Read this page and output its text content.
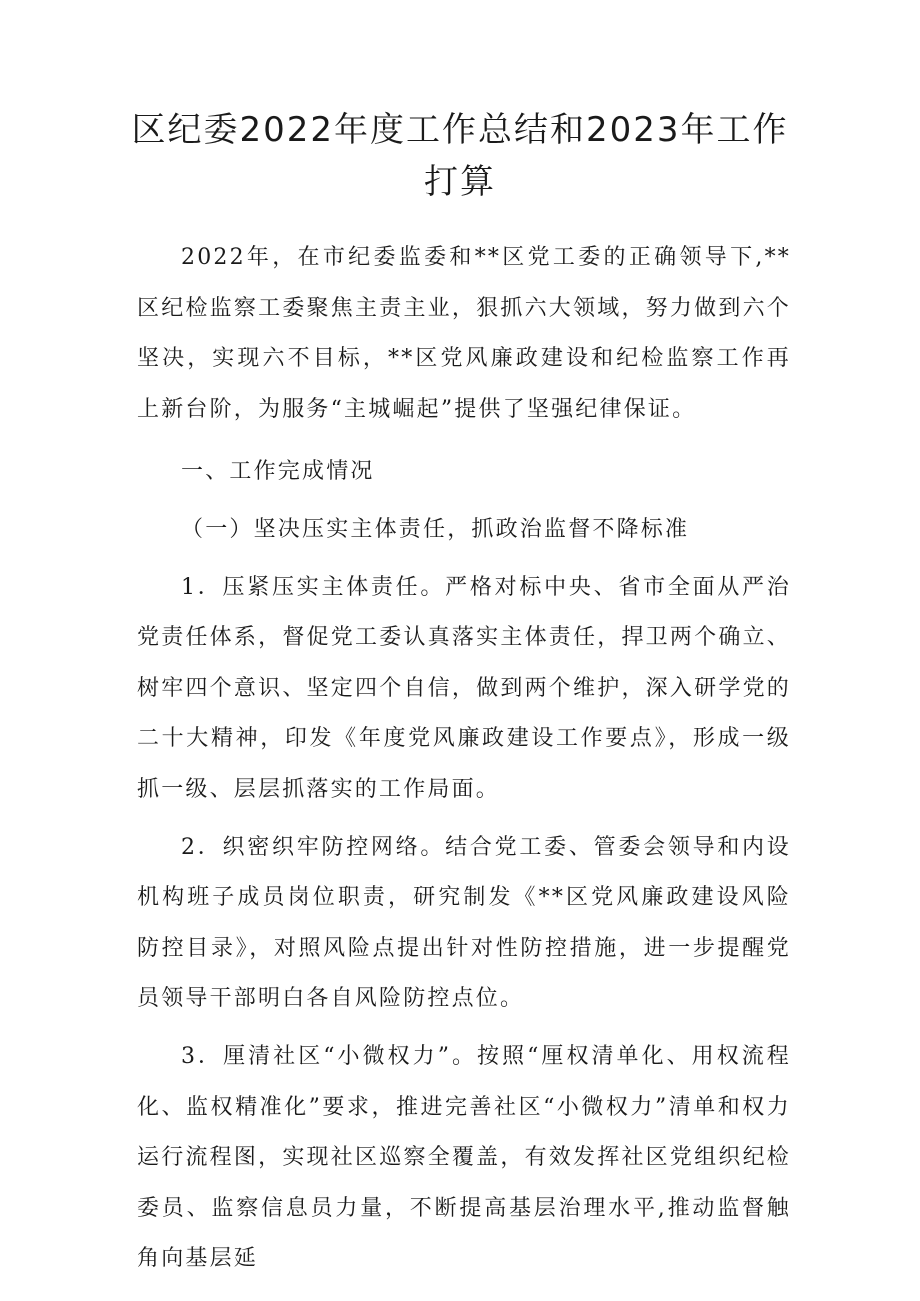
区纪委2022年度工作总结和2023年工作打算

2022年，在市纪委监委和**区党工委的正确领导下,**区纪检监察工委聚焦主责主业，狠抓六大领域，努力做到六个坚决，实现六不目标，**区党风廉政建设和纪检监察工作再上新台阶，为服务“主城崛起”提供了坚强纪律保证。

一、工作完成情况

（一）坚决压实主体责任，抓政治监督不降标准

1．压紧压实主体责任。严格对标中央、省市全面从严治党责任体系，督促党工委认真落实主体责任，捍卫两个确立、树牢四个意识、坚定四个自信，做到两个维护，深入研学党的二十大精神，印发《年度党风廉政建设工作要点》，形成一级抓一级、层层抓落实的工作局面。

2．织密织牢防控网络。结合党工委、管委会领导和内设机构班子成员岗位职责，研究制发《**区党风廉政建设风险防控目录》，对照风险点提出针对性防控措施，进一步提醒党员领导干部明白各自风险防控点位。

3．厘清社区“小微权力”。按照“厘权清单化、用权流程化、监权精准化”要求，推进完善社区“小微权力”清单和权力运行流程图，实现社区巡察全覆盖，有效发挥社区党组织纪检委员、监察信息员力量，不断提高基层治理水平,推动监督触角向基层延
